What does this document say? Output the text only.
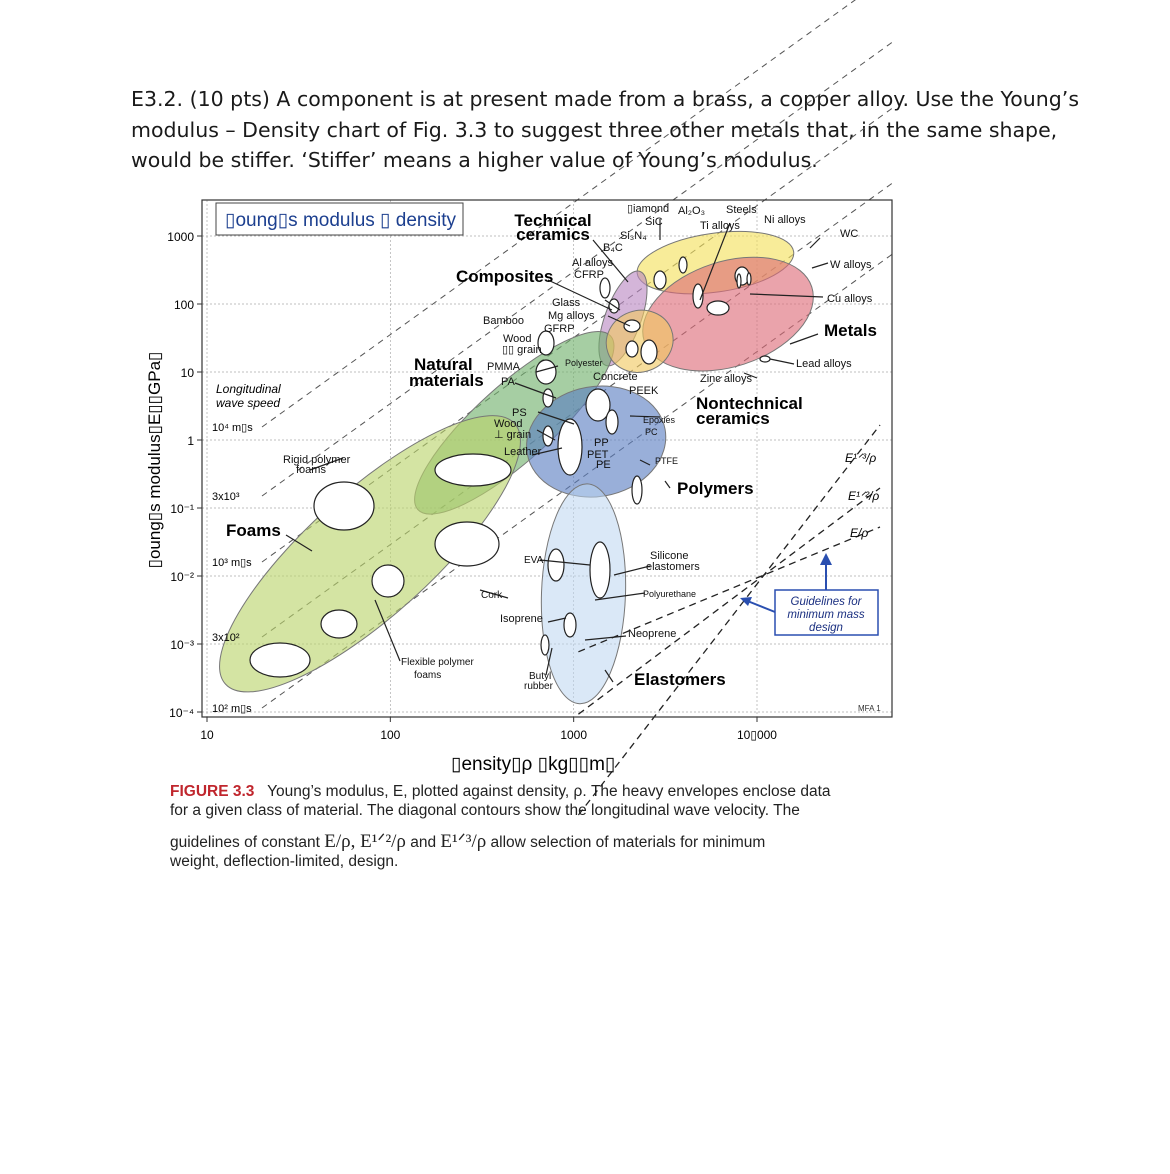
E3.2. (10 pts) A component is at present made from a brass, a copper alloy. Use the Young’s modulus – Density chart of Fig. 3.3 to suggest three other metals that, in the same shape, would be stiffer. ‘Stiffer’ means a higher value of Young’s modulus.

1000
100
10
1
10⁻¹
10⁻²
10⁻³
10⁻⁴
10	100	1000	10▯000
▯oung▯s modulus ▯ density
▯ensity▯ρ ▯kg▯▯m▯
▯oung▯s modulus▯E▯▯GPa▯	Longitudinal
wave speed
10⁴ m▯s
3x10³
10³ m▯s
3x10²
10² m▯s
Technical
ceramics
Composites
Metals
Natural
materials
Polymers
Foams
Elastomers
Nontechnical
ceramics
▯iamond Al₂O₃ Steels
SiC	Ti alloys Ni alloys
Si₃N₄
B₄C
WC
W alloys
Al alloys
CFRP
Glass
Mg alloys
GFRP
Bamboo
Wood
▯▯ grain
Cu alloys
PMMA
PA
Polyester
Concrete
PEEK
Zinc alloys
Lead alloys
PS
Wood
⊥ grain
Epoxies
PC
Leather
PP
PET
PE	PTFE
Rigid polymer
foams
EVA	Silicone
elastomers
Cork	Polyurethane
Isoprene
Neoprene
Flexible polymer
foams	Butyl
rubber
E¹ᐟ³/ρ
E¹ᐟ²/ρ
E/ρ
Guidelines for
minimum mass
design
MFA 1
FIGURE 3.3 Young’s modulus, E, plotted against density, ρ. The heavy envelopes enclose data
for a given class of material. The diagonal contours show the longitudinal wave velocity. The
guidelines of constant E/ρ, E¹ᐟ²/ρ and E¹ᐟ³/ρ allow selection of materials for minimum
weight, deflection-limited, design.
